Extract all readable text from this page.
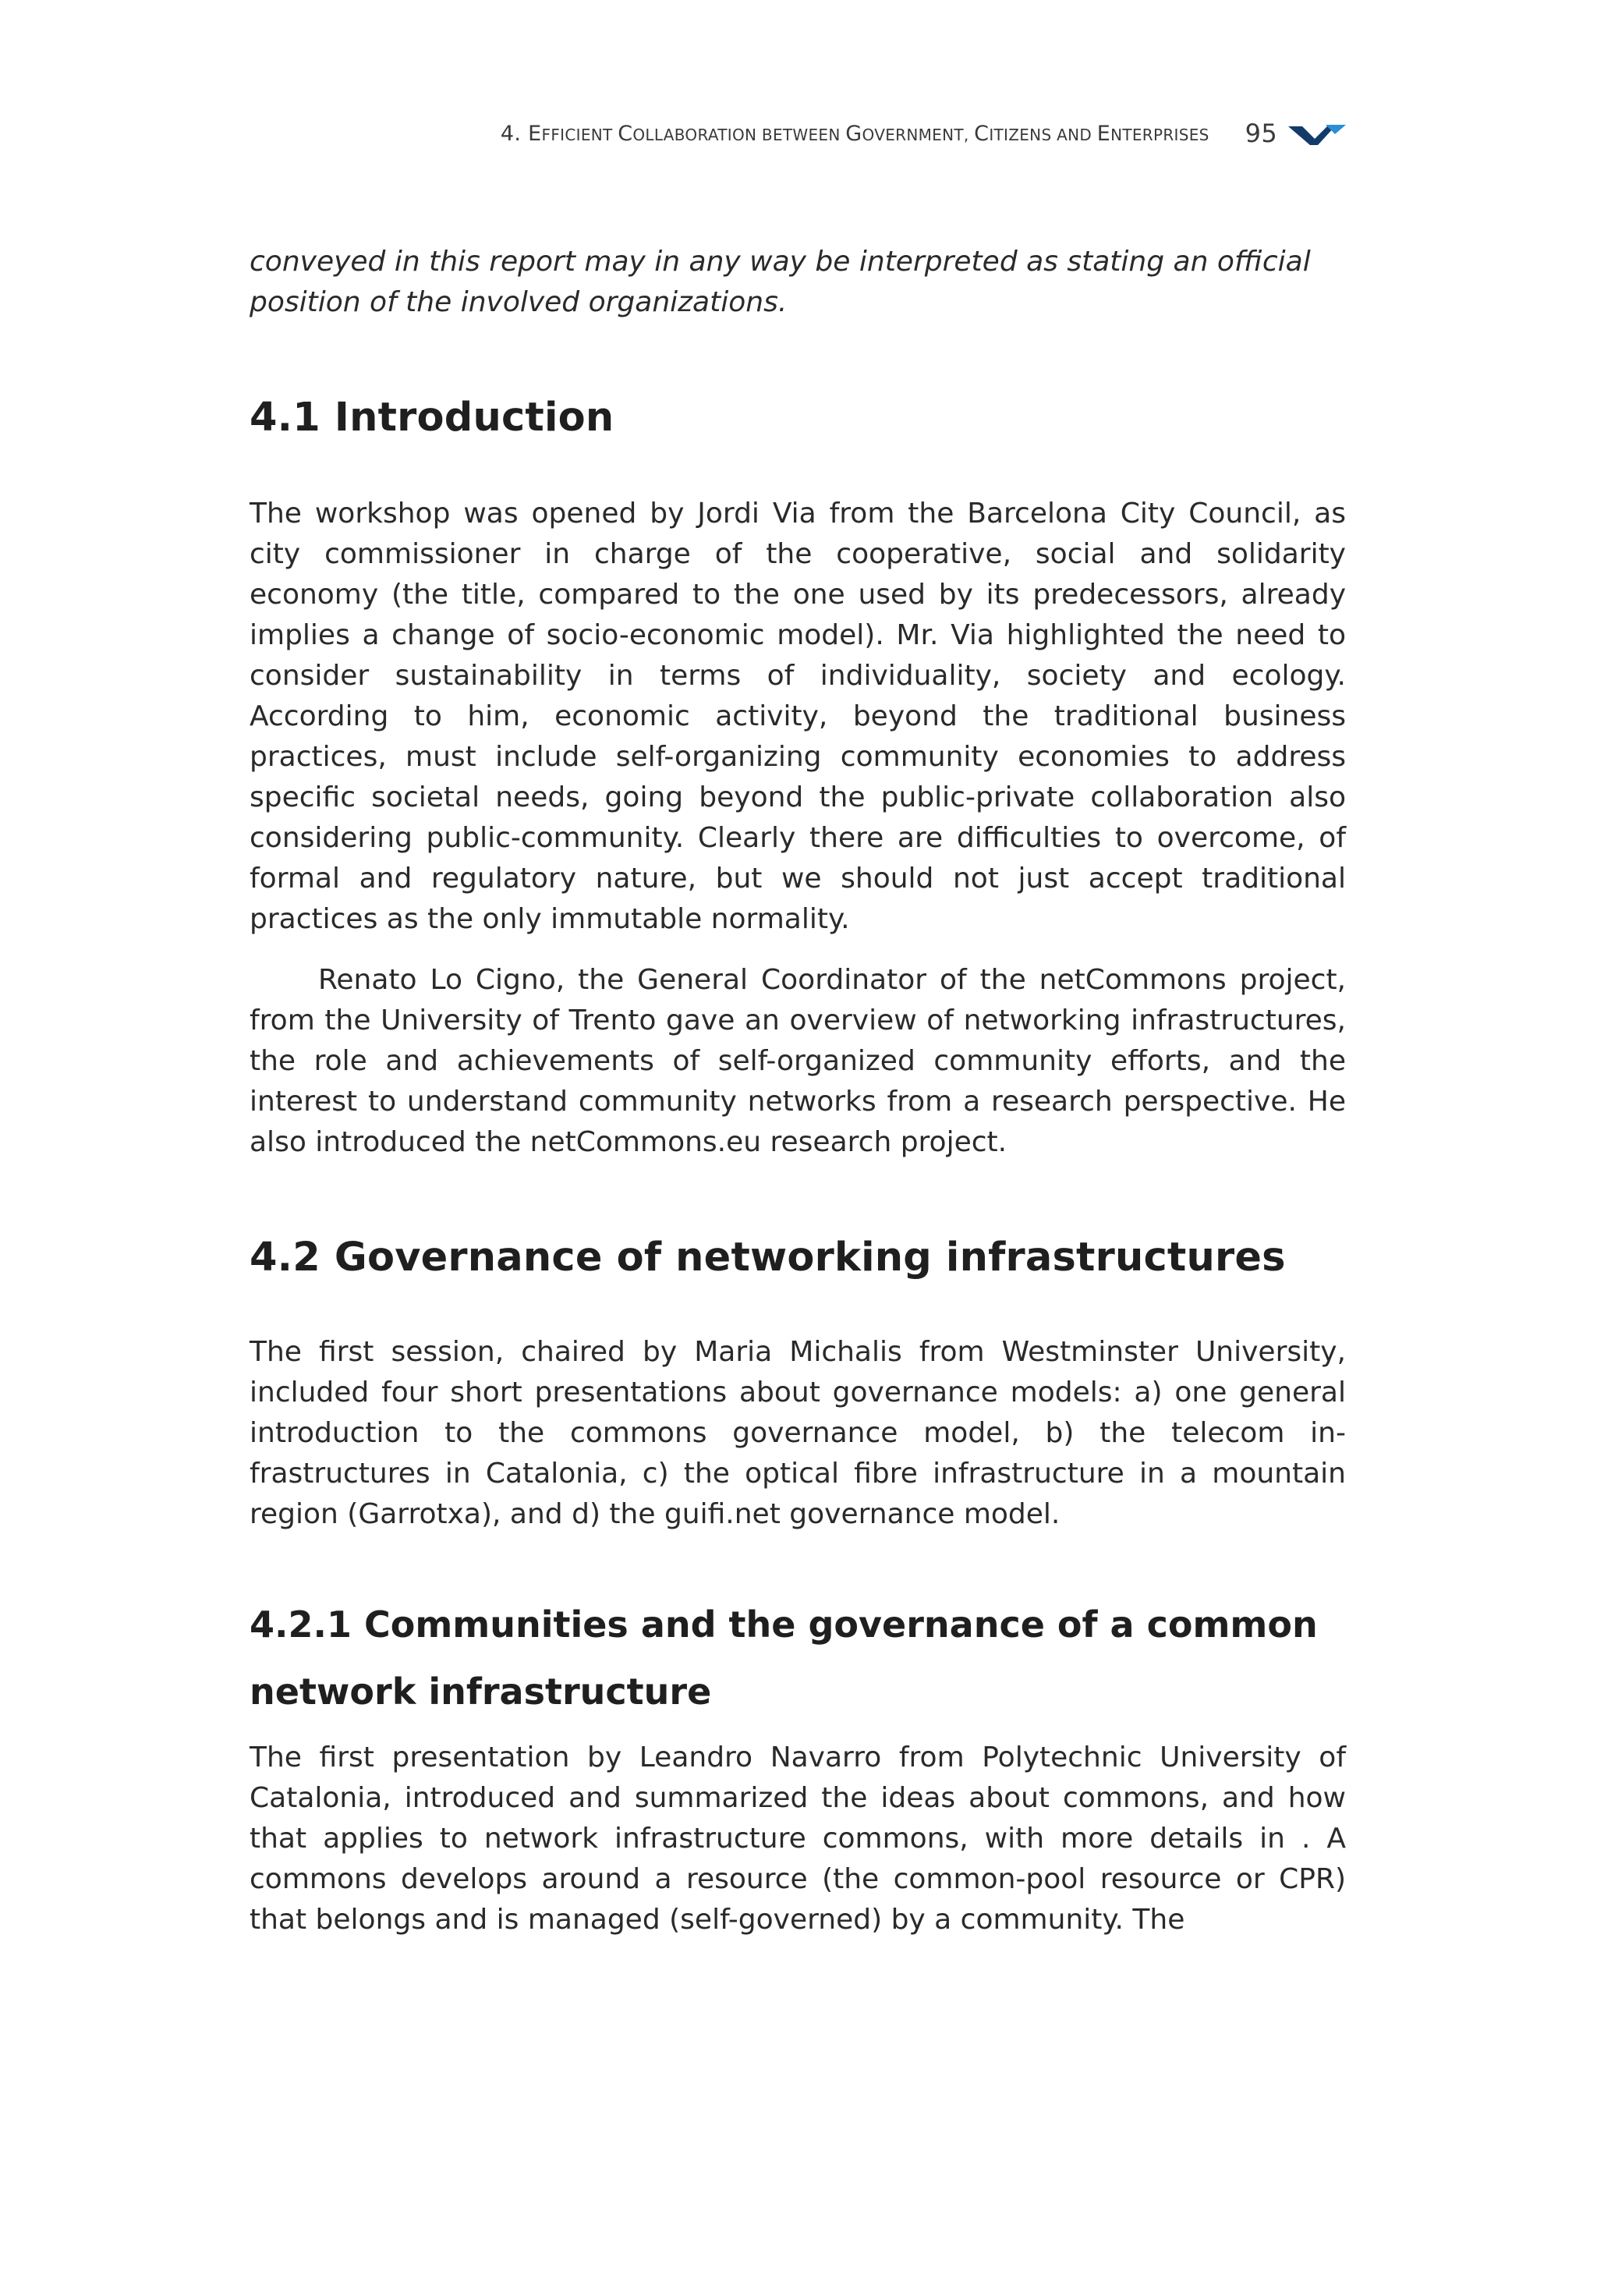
4. EFFICIENT COLLABORATION BETWEEN GOVERNMENT, CITIZENS AND ENTERPRISES 95

conveyed in this report may in any way be interpreted as stating an official position of the involved organizations.

4.1 Introduction

The workshop was opened by Jordi Via from the Barcelona City Council, as city commissioner in charge of the cooperative, social and solidarity economy (the title, compared to the one used by its predecessors, already implies a change of socio-economic model). Mr. Via highlighted the need to consider sustainability in terms of individuality, society and ecology. According to him, economic activity, beyond the traditional business practices, must include self-organizing community economies to address specific societal needs, going beyond the public-private collaboration also considering public-community. Clearly there are difficulties to overcome, of formal and regulatory nature, but we should not just accept traditional practices as the only immutable normality.

Renato Lo Cigno, the General Coordinator of the netCommons project, from the University of Trento gave an overview of networking infrastructures, the role and achievements of self-organized community efforts, and the interest to understand community networks from a research perspective. He also introduced the netCommons.eu research project.

4.2 Governance of networking infrastructures

The first session, chaired by Maria Michalis from Westminster University, included four short presentations about governance models: a) one general introduction to the commons governance model, b) the telecom infrastructures in Catalonia, c) the optical fibre infrastructure in a mountain region (Garrotxa), and d) the guifi.net governance model.

4.2.1 Communities and the governance of a common
network infrastructure

The first presentation by Leandro Navarro from Polytechnic University of Catalonia, introduced and summarized the ideas about commons, and how that applies to network infrastructure commons, with more details in . A commons develops around a resource (the common-pool resource or CPR) that belongs and is managed (self-governed) by a community. The
